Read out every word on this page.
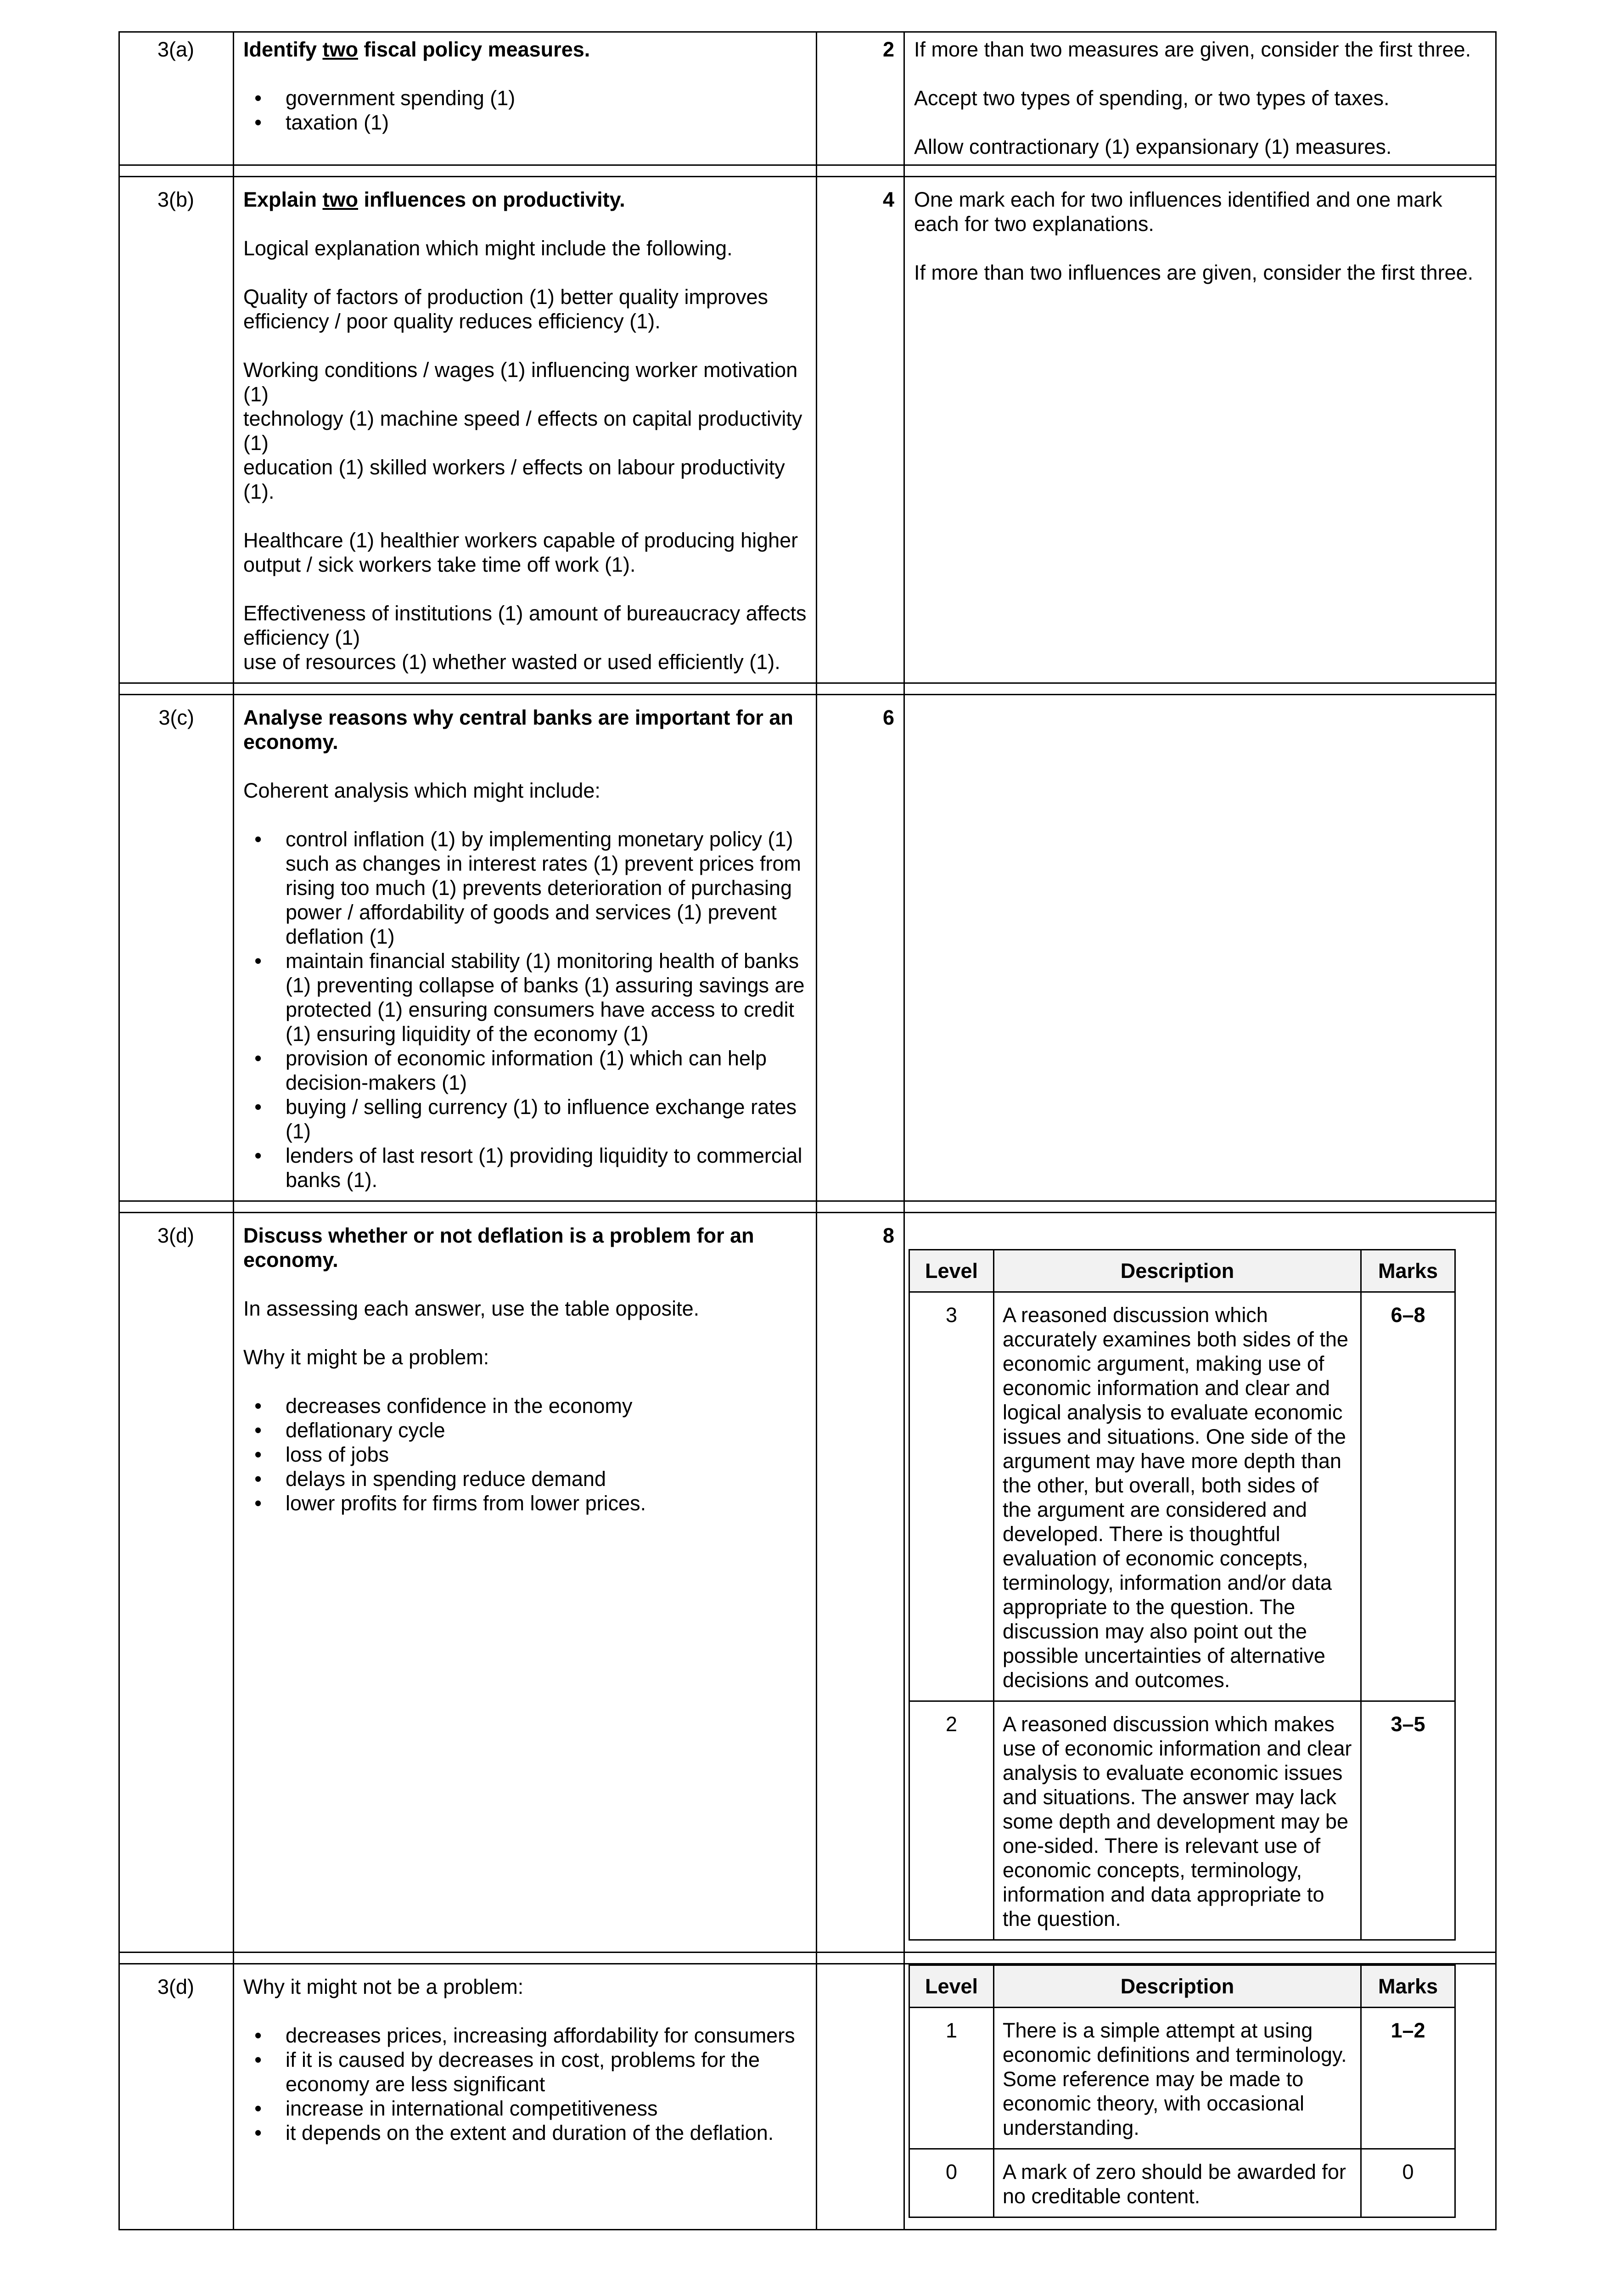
3(a)	Identify two fiscal policy measures.

• government spending (1)
• taxation (1)
	2	If more than two measures are given, consider the first three.

Accept two types of spending, or two types of taxes.

Allow contractionary (1) expansionary (1) measures.

3(b)	Explain two influences on productivity.

Logical explanation which might include the following.

Quality of factors of production (1) better quality improves efficiency / poor quality reduces efficiency (1).

Working conditions / wages (1) influencing worker motivation (1)
technology (1) machine speed / effects on capital productivity (1)
education (1) skilled workers / effects on labour productivity (1).

Healthcare (1) healthier workers capable of producing higher output / sick workers take time off work (1).

Effectiveness of institutions (1) amount of bureaucracy affects efficiency (1)
use of resources (1) whether wasted or used efficiently (1).

	4	One mark each for two influences identified and one mark each for two explanations.

If more than two influences are given, consider the first three.

3(c)	Analyse reasons why central banks are important for an economy.

Coherent analysis which might include:

• control inflation (1) by implementing monetary policy (1) such as changes in interest rates (1) prevent prices from rising too much (1) prevents deterioration of purchasing power / affordability of goods and services (1) prevent deflation (1)
• maintain financial stability (1) monitoring health of banks (1) preventing collapse of banks (1) assuring savings are protected (1) ensuring consumers have access to credit (1) ensuring liquidity of the economy (1)
• provision of economic information (1) which can help decision-makers (1)
• buying / selling currency (1) to influence exchange rates (1)
• lenders of last resort (1) providing liquidity to commercial banks (1).
	6	

3(d)	Discuss whether or not deflation is a problem for an economy.

In assessing each answer, use the table opposite.

Why it might be a problem:

• decreases confidence in the economy
• deflationary cycle
• loss of jobs
• delays in spending reduce demand
• lower profits for firms from lower prices.
	8	
Level	Description	Marks
3	A reasoned discussion which accurately examines both sides of the economic argument, making use of economic information and clear and logical analysis to evaluate economic issues and situations. One side of the argument may have more depth than the other, but overall, both sides of the argument are considered and developed. There is thoughtful evaluation of economic concepts, terminology, information and/or data appropriate to the question. The discussion may also point out the possible uncertainties of alternative decisions and outcomes.	6–8
2	A reasoned discussion which makes use of economic information and clear analysis to evaluate economic issues and situations. The answer may lack some depth and development may be one-sided. There is relevant use of economic concepts, terminology, information and data appropriate to the question.	3–5

3(d)	Why it might not be a problem:

• decreases prices, increasing affordability for consumers
• if it is caused by decreases in cost, problems for the economy are less significant
• increase in international competitiveness
• it depends on the extent and duration of the deflation.

Level	Description	Marks
1	There is a simple attempt at using economic definitions and terminology. Some reference may be made to economic theory, with occasional understanding.	1–2
0	A mark of zero should be awarded for no creditable content.	0
